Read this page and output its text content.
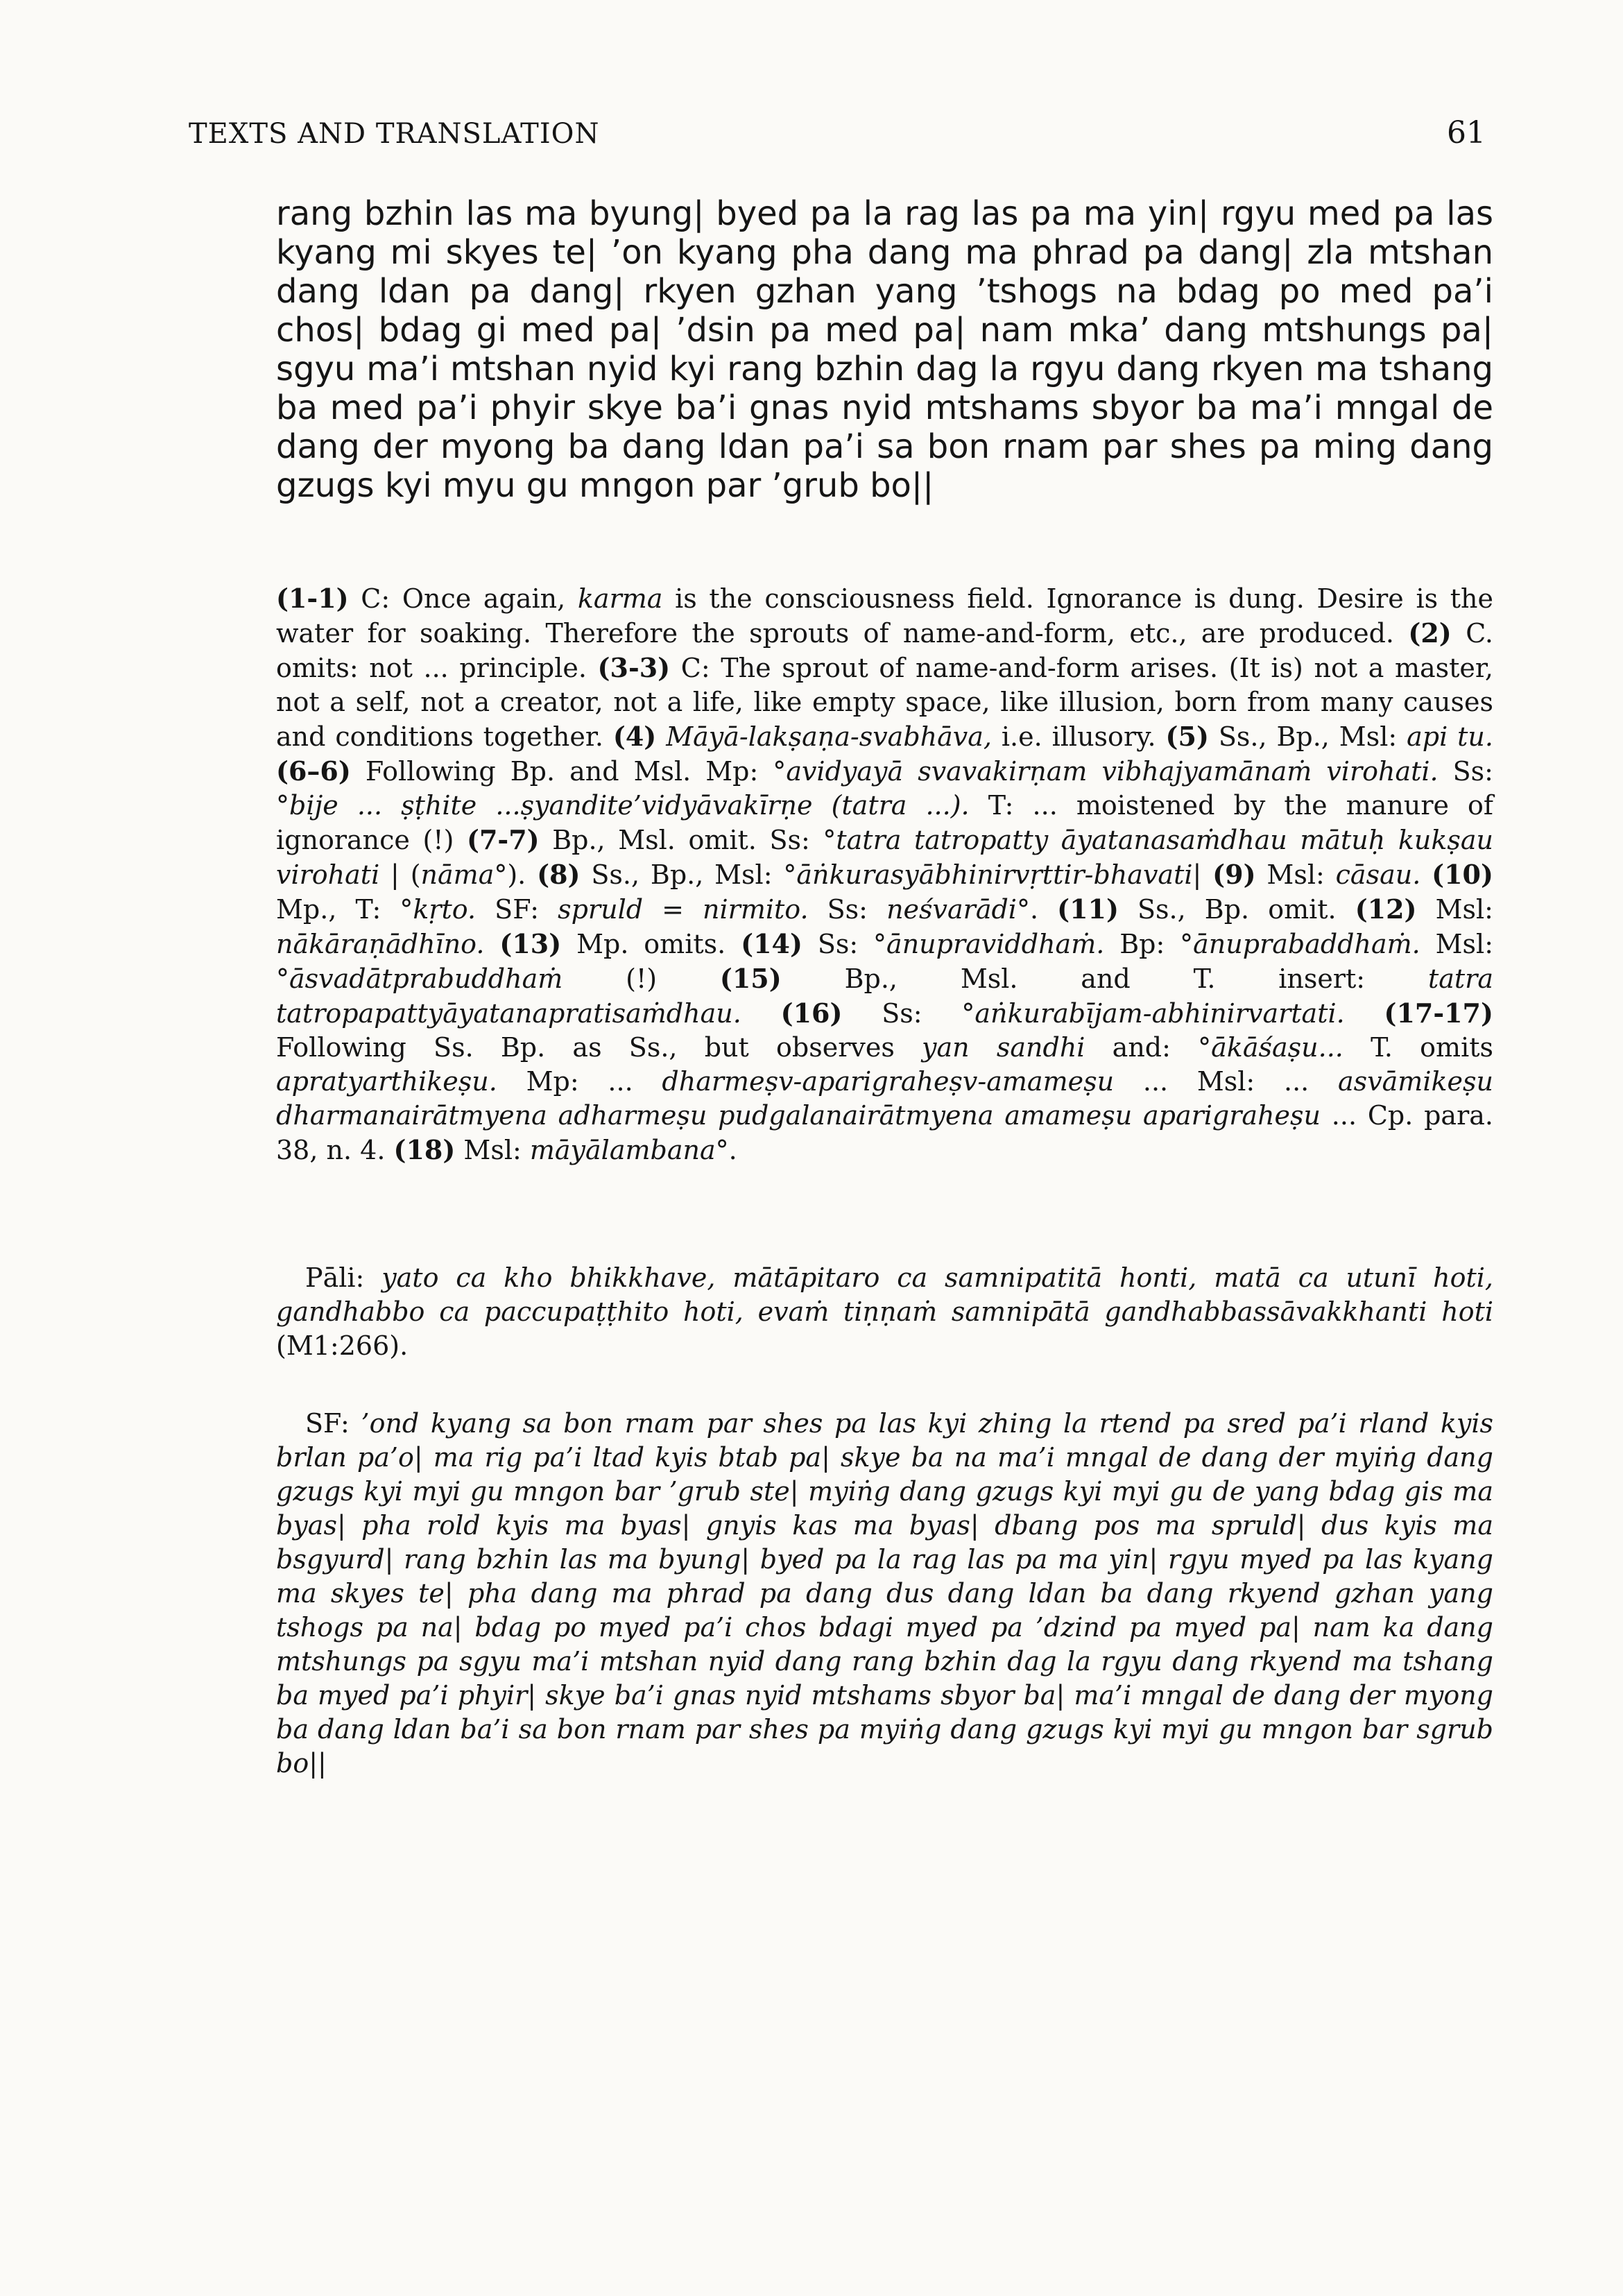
TEXTS AND TRANSLATION	61
rang bzhin las ma byung| byed pa la rag las pa ma yin| rgyu med pa las kyang mi skyes te| ’on kyang pha dang ma phrad pa dang| zla mtshan dang ldan pa dang| rkyen gzhan yang ’tshogs na bdag po med pa’i chos| bdag gi med pa| ’dsin pa med pa| nam mka’ dang mtshungs pa| sgyu ma’i mtshan nyid kyi rang bzhin dag la rgyu dang rkyen ma tshang ba med pa’i phyir skye ba’i gnas nyid mtshams sbyor ba ma’i mngal de dang der myong ba dang ldan pa’i sa bon rnam par shes pa ming dang gzugs kyi myu gu mngon par ’grub bo||
(1-1) C: Once again, karma is the consciousness field. Ignorance is dung. Desire is the water for soaking. Therefore the sprouts of name-and-form, etc., are produced. (2) C. omits: not ... principle. (3-3) C: The sprout of name-and-form arises. (It is) not a master, not a self, not a creator, not a life, like empty space, like illusion, born from many causes and conditions together. (4) Māyā-lakṣaṇa-svabhāva, i.e. illusory. (5) Ss., Bp., Msl: api tu. (6–6) Following Bp. and Msl. Mp: °avidyayā svavakirṇam vibhajyamānaṁ virohati. Ss: °bije ... ṣṭhite ...ṣyandite’vidyāvakīrṇe (tatra ...). T: ... moistened by the manure of ignorance (!) (7-7) Bp., Msl. omit. Ss: °tatra tatropatty āyatanasaṁdhau mātuḥ kukṣau virohati | (nāma°). (8) Ss., Bp., Msl: °āṅkurasyābhinirvṛttir-bhavati| (9) Msl: cāsau. (10) Mp., T: °kṛto. SF: spruld = nirmito. Ss: neśvarādi°. (11) Ss., Bp. omit. (12) Msl: nākāraṇādhīno. (13) Mp. omits. (14) Ss: °ānupraviddhaṁ. Bp: °ānuprabaddhaṁ. Msl: °āsvadātprabuddhaṁ (!) (15) Bp., Msl. and T. insert: tatra tatropapattyāyatanapratisaṁdhau. (16) Ss: °aṅkurabījam-abhinirvartati. (17-17) Following Ss. Bp. as Ss., but observes yan sandhi and: °ākāśaṣu... T. omits apratyarthikeṣu. Mp: ... dharmeṣv-aparigraheṣv-amameṣu ... Msl: ... asvāmikeṣu dharmanairātmyena adharmeṣu pudgalanairātmyena amameṣu aparigraheṣu ... Cp. para. 38, n. 4. (18) Msl: māyālambana°.
Pāli: yato ca kho bhikkhave, mātāpitaro ca samnipatitā honti, matā ca utunī hoti, gandhabbo ca paccupaṭṭhito hoti, evaṁ tiṇṇaṁ samnipātā gandhabbassāvakkhanti hoti (M1:266).
SF: ’ond kyang sa bon rnam par shes pa las kyi zhing la rtend pa sred pa’i rland kyis brlan pa’o| ma rig pa’i ltad kyis btab pa| skye ba na ma’i mngal de dang der myiṅg dang gzugs kyi myi gu mngon bar ’grub ste| myiṅg dang gzugs kyi myi gu de yang bdag gis ma byas| pha rold kyis ma byas| gnyis kas ma byas| dbang pos ma spruld| dus kyis ma bsgyurd| rang bzhin las ma byung| byed pa la rag las pa ma yin| rgyu myed pa las kyang ma skyes te| pha dang ma phrad pa dang dus dang ldan ba dang rkyend gzhan yang tshogs pa na| bdag po myed pa’i chos bdagi myed pa ’dzind pa myed pa| nam ka dang mtshungs pa sgyu ma’i mtshan nyid dang rang bzhin dag la rgyu dang rkyend ma tshang ba myed pa’i phyir| skye ba’i gnas nyid mtshams sbyor ba| ma’i mngal de dang der myong ba dang ldan ba’i sa bon rnam par shes pa myiṅg dang gzugs kyi myi gu mngon bar sgrub bo||
